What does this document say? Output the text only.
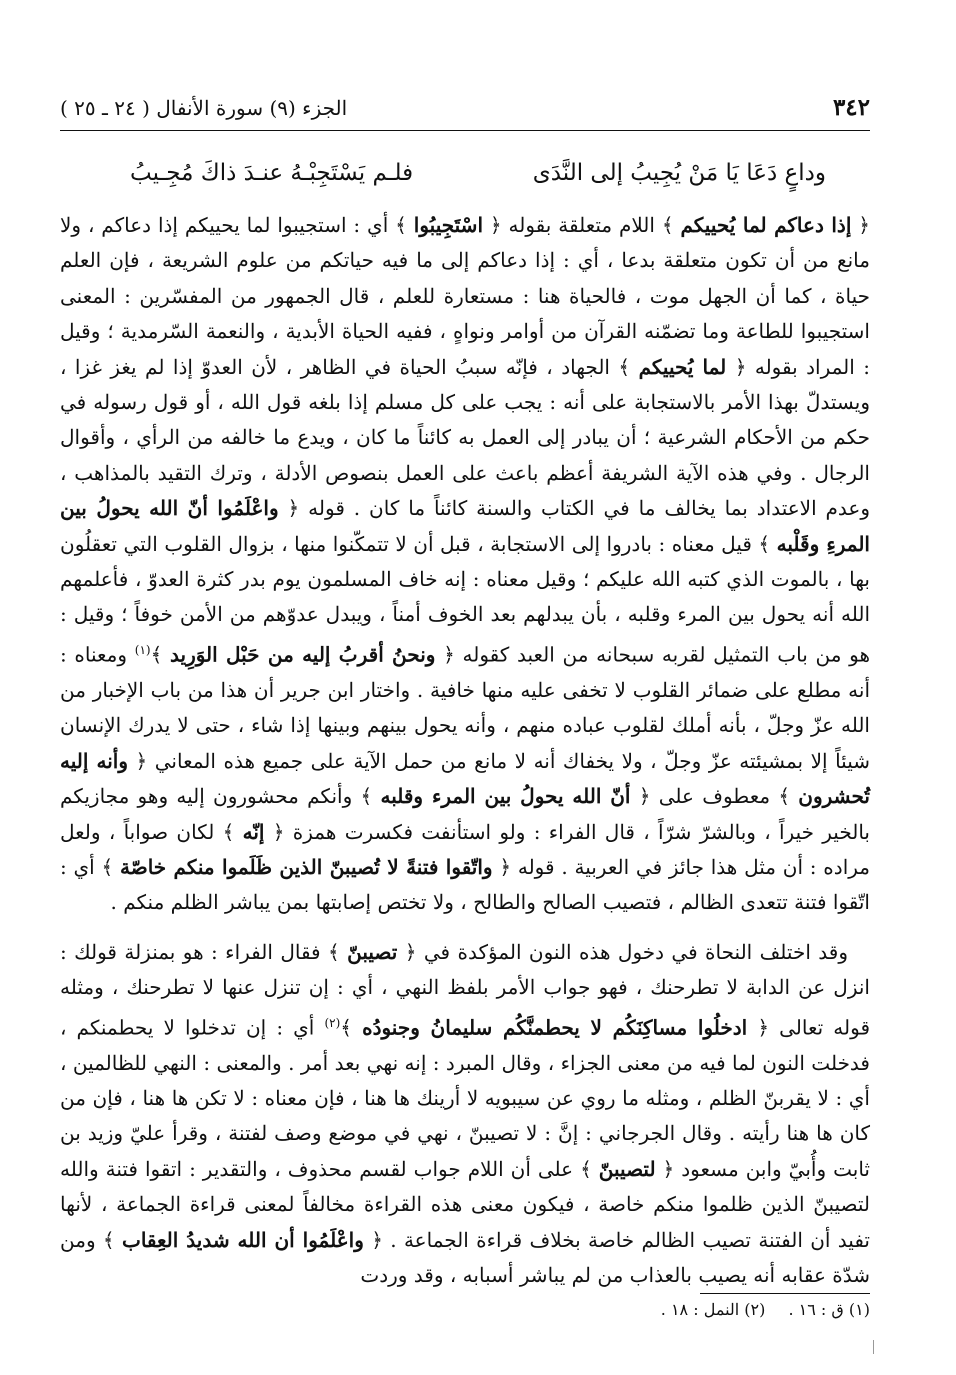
٣٤٢
الجزء (٩) سورة الأنفال ( ٢٤ ـ ٢٥ )
وداعٍ دَعَا يَا مَنْ يُجِيبُ إلى النَّدَى
فلـم يَسْتَجِبْـهُ عنـدَ ذاكَ مُجِـيبُ

﴿ إذا دعاكم لما يُحييكم ﴾ اللام متعلقة بقوله ﴿ اسْتَجِيبُوا ﴾ أي : استجيبوا لما يحييكم إذا دعاكم ، ولا مانع من أن تكون متعلقة بدعا ، أي : إذا دعاكم إلى ما فيه حياتكم من علوم الشريعة ، فإن العلم حياة ، كما أن الجهل موت ، فالحياة هنا : مستعارة للعلم ، قال الجمهور من المفسّرين : المعنى استجيبوا للطاعة وما تضمّنه القرآن من أوامر ونواهٍ ، ففيه الحياة الأبدية ، والنعمة السّرمدية ؛ وقيل : المراد بقوله ﴿ لما يُحييكم ﴾ الجهاد ، فإنّه سببُ الحياة في الظاهر ، لأن العدوّ إذا لم يغز غزا ، ويستدلّ بهذا الأمر بالاستجابة على أنه : يجب على كل مسلم إذا بلغه قول الله ، أو قول رسوله في حكم من الأحكام الشرعية ؛ أن يبادر إلى العمل به كائناً ما كان ، ويدع ما خالفه من الرأي ، وأقوال الرجال . وفي هذه الآية الشريفة أعظم باعث على العمل بنصوص الأدلة ، وترك التقيد بالمذاهب ، وعدم الاعتداد بما يخالف ما في الكتاب والسنة كائناً ما كان . قوله ﴿ واعْلَمُوا أنّ الله يحولُ بين المرءِ وقَلْبه ﴾ قيل معناه : بادروا إلى الاستجابة ، قبل أن لا تتمكّنوا منها ، بزوال القلوب التي تعقلُون بها ، بالموت الذي كتبه الله عليكم ؛ وقيل معناه : إنه خاف المسلمون يوم بدر كثرة العدوّ ، فأعلمهم الله أنه يحول بين المرء وقلبه ، بأن يبدلهم بعد الخوف أمناً ، ويبدل عدوّهم من الأمن خوفاً ؛ وقيل : هو من باب التمثيل لقربه سبحانه من العبد كقوله ﴿ ونحنُ أقربُ إليه من حَبْل الوَرِيد ﴾$^{(١)}$ ومعناه : أنه مطلع على ضمائر القلوب لا تخفى عليه منها خافية . واختار ابن جرير أن هذا من باب الإخبار من الله عزّ وجلّ ، بأنه أملك لقلوب عباده منهم ، وأنه يحول بينهم وبينها إذا شاء ، حتى لا يدرك الإنسان شيئاً إلا بمشيئته عزّ وجلّ ، ولا يخفاك أنه لا مانع من حمل الآية على جميع هذه المعاني ﴿ وأنه إليه تُحشرون ﴾ معطوف على ﴿ أنّ الله يحولُ بين المرء وقلبه ﴾ وأنكم محشورون إليه وهو مجازيكم بالخير خيراً ، وبالشرّ شرّاً ، قال الفراء : ولو استأنفت فكسرت همزة ﴿ إنّه ﴾ لكان صواباً ، ولعل مراده : أن مثل هذا جائز في العربية . قوله ﴿ واتّقوا فتنةً لا تُصيبنّ الذين ظَلَموا منكم خاصّة ﴾ أي : اتّقوا فتنة تتعدى الظالم ، فتصيب الصالح والطالح ، ولا تختص إصابتها بمن يباشر الظلم منكم .

وقد اختلف النحاة في دخول هذه النون المؤكدة في ﴿ تصيبنّ ﴾ فقال الفراء : هو بمنزلة قولك : انزل عن الدابة لا تطرحنك ، فهو جواب الأمر بلفظ النهي ، أي : إن تنزل عنها لا تطرحنك ، ومثله قوله تعالى ﴿ ادخلُوا مساكِنَكُم لا يحطمنَّكُم سليمانُ وجنودُه ﴾$^{(٢)}$ أي : إن تدخلوا لا يحطمنكم ، فدخلت النون لما فيه من معنى الجزاء ، وقال المبرد : إنه نهي بعد أمر . والمعنى : النهي للظالمين ، أي : لا يقربنّ الظلم ، ومثله ما روي عن سيبويه لا أرينك ها هنا ، فإن معناه : لا تكن ها هنا ، فإن من كان ها هنا رأيته . وقال الجرجاني : إنَّ : لا تصيبنّ ، نهي في موضع وصف لفتنة ، وقرأ عليّ وزيد بن ثابت وأُبيّ وابن مسعود ﴿ لتصيبنّ ﴾ على أن اللام جواب لقسم محذوف ، والتقدير : اتقوا فتنة والله لتصيبنّ الذين ظلموا منكم خاصة ، فيكون معنى هذه القراءة مخالفاً لمعنى قراءة الجماعة ، لأنها تفيد أن الفتنة تصيب الظالم خاصة بخلاف قراءة الجماعة . ﴿ واعْلَمُوا أن الله شديدُ العِقاب ﴾ ومن شدّة عقابه أنه يصيب بالعذاب من لم يباشر أسبابه ، وقد وردت

(١) ق : ١٦ . (٢) النمل : ١٨ .
